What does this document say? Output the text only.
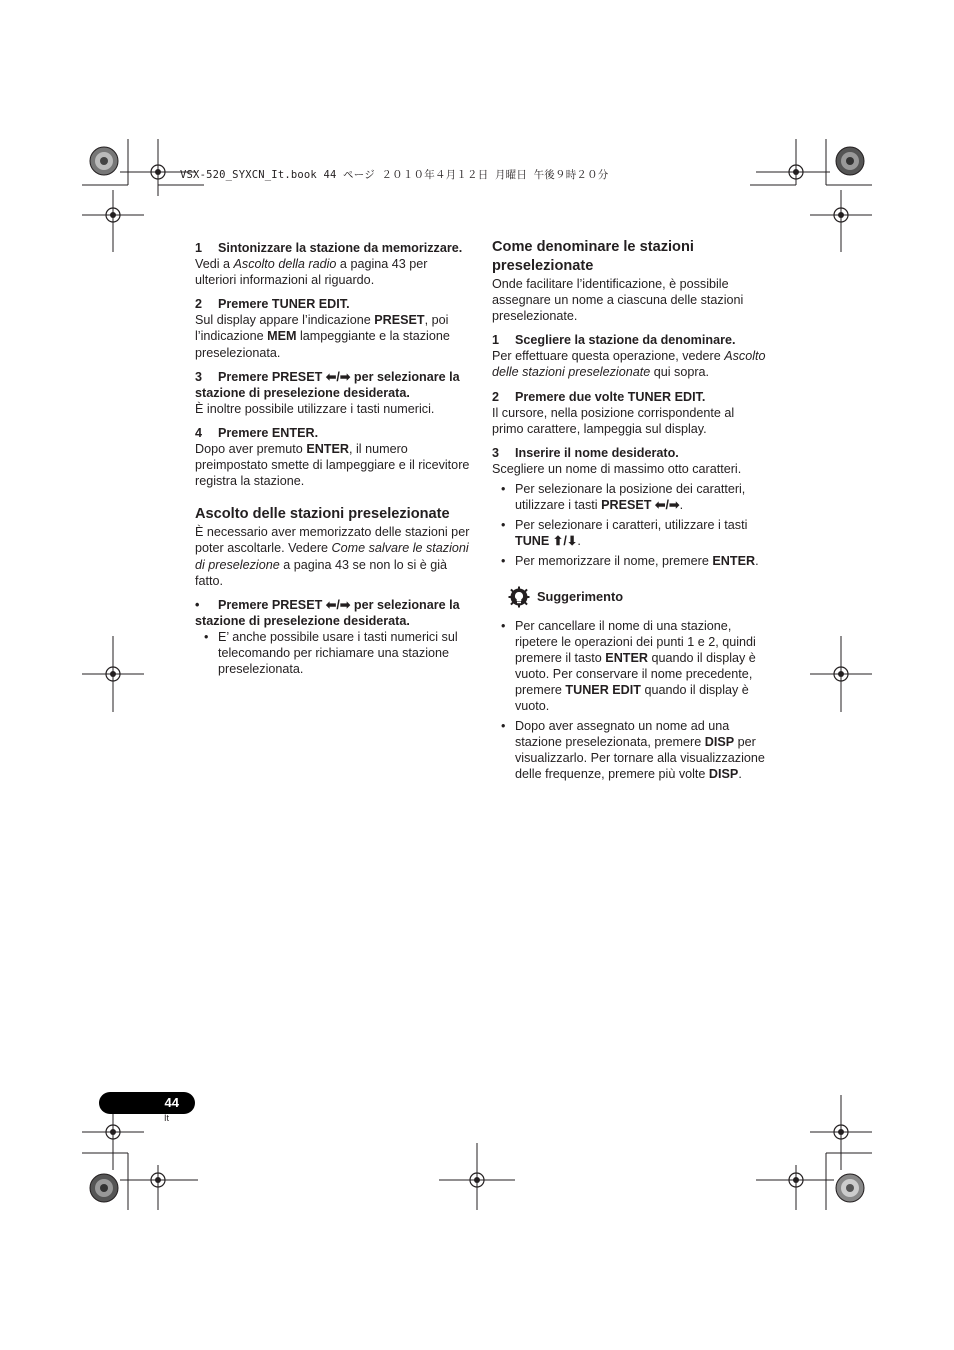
VSX-520_SYXCN_It.book 44 ページ ２０１０年４月１２日 月曜日 午後９時２０分

1 Sintonizzare la stazione da memorizzare.

Vedi a Ascolto della radio a pagina 43 per ulteriori informazioni al riguardo.

2 Premere TUNER EDIT.

Sul display appare l’indicazione PRESET, poi l’indicazione MEM lampeggiante e la stazione preselezionata.

3 Premere PRESET ⬅/➡ per selezionare la stazione di preselezione desiderata.

È inoltre possibile utilizzare i tasti numerici.

4 Premere ENTER.

Dopo aver premuto ENTER, il numero preimpostato smette di lampeggiare e il ricevitore registra la stazione.

Ascolto delle stazioni preselezionate

È necessario aver memorizzato delle stazioni per poter ascoltarle. Vedere Come salvare le stazioni di preselezione a pagina 43 se non lo si è già fatto.

• Premere PRESET ⬅/➡ per selezionare la stazione di preselezione desiderata.

• E’ anche possibile usare i tasti numerici sul telecomando per richiamare una stazione preselezionata.
Come denominare le stazioni preselezionate

Onde facilitare l’identificazione, è possibile assegnare un nome a ciascuna delle stazioni preselezionate.

1 Scegliere la stazione da denominare.

Per effettuare questa operazione, vedere Ascolto delle stazioni preselezionate qui sopra.

2 Premere due volte TUNER EDIT.

Il cursore, nella posizione corrispondente al primo carattere, lampeggia sul display.

3 Inserire il nome desiderato.

Scegliere un nome di massimo otto caratteri.

• Per selezionare la posizione dei caratteri, utilizzare i tasti PRESET ⬅/➡.
• Per selezionare i caratteri, utilizzare i tasti TUNE ⬆/⬇.
• Per memorizzare il nome, premere ENTER.
Suggerimento
• Per cancellare il nome di una stazione, ripetere le operazioni dei punti 1 e 2, quindi premere il tasto ENTER quando il display è vuoto. Per conservare il nome precedente, premere TUNER EDIT quando il display è vuoto.
• Dopo aver assegnato un nome ad una stazione preselezionata, premere DISP per visualizzarlo. Per tornare alla visualizzazione delle frequenze, premere più volte DISP.
44
It
